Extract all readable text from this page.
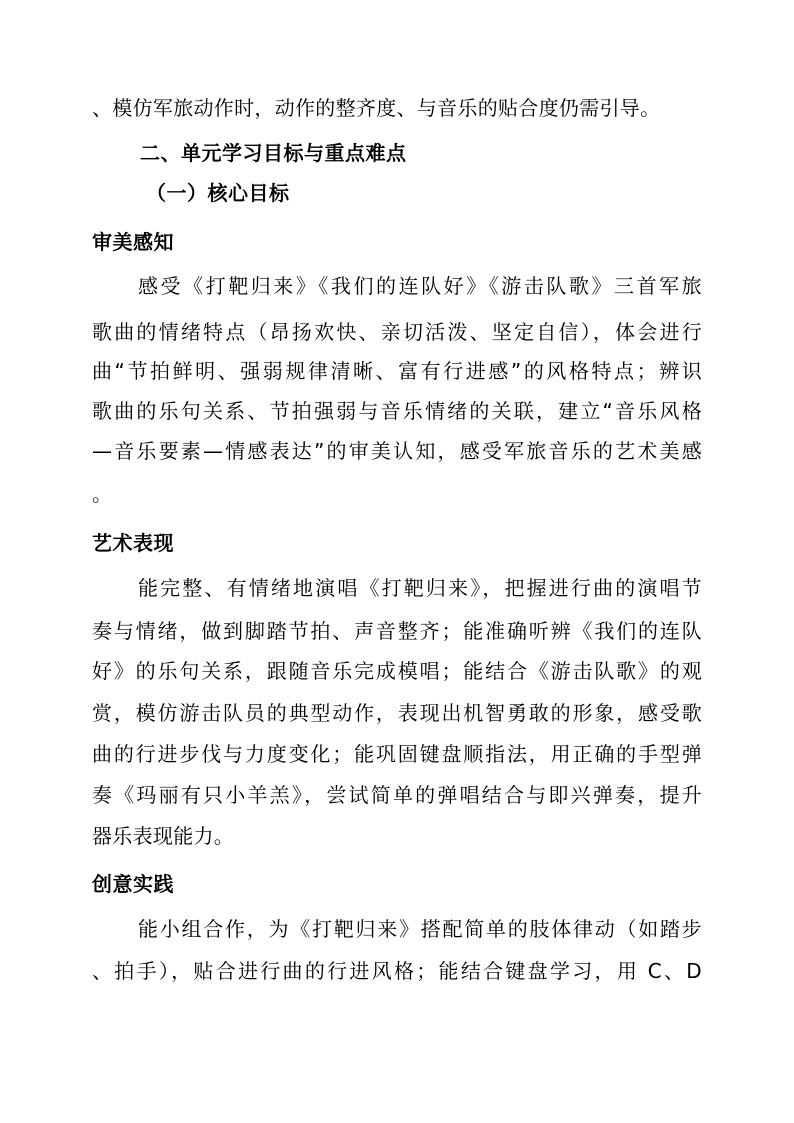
、模仿军旅动作时，动作的整齐度、与音乐的贴合度仍需引导。
二、单元学习目标与重点难点
（一）核心目标
审美感知
感受《打靶归来》《我们的连队好》《游击队歌》三首军旅
歌曲的情绪特点（昂扬欢快、亲切活泼、坚定自信），体会进行
曲“节拍鲜明、强弱规律清晰、富有行进感”的风格特点；辨识
歌曲的乐句关系、节拍强弱与音乐情绪的关联，建立“音乐风格
—音乐要素—情感表达”的审美认知，感受军旅音乐的艺术美感
。
艺术表现
能完整、有情绪地演唱《打靶归来》，把握进行曲的演唱节
奏与情绪，做到脚踏节拍、声音整齐；能准确听辨《我们的连队
好》的乐句关系，跟随音乐完成模唱；能结合《游击队歌》的观
赏，模仿游击队员的典型动作，表现出机智勇敢的形象，感受歌
曲的行进步伐与力度变化；能巩固键盘顺指法，用正确的手型弹
奏《玛丽有只小羊羔》，尝试简单的弹唱结合与即兴弹奏，提升
器乐表现能力。
创意实践
能小组合作，为《打靶归来》搭配简单的肢体律动（如踏步
、拍手），贴合进行曲的行进风格；能结合键盘学习，用 C、D
